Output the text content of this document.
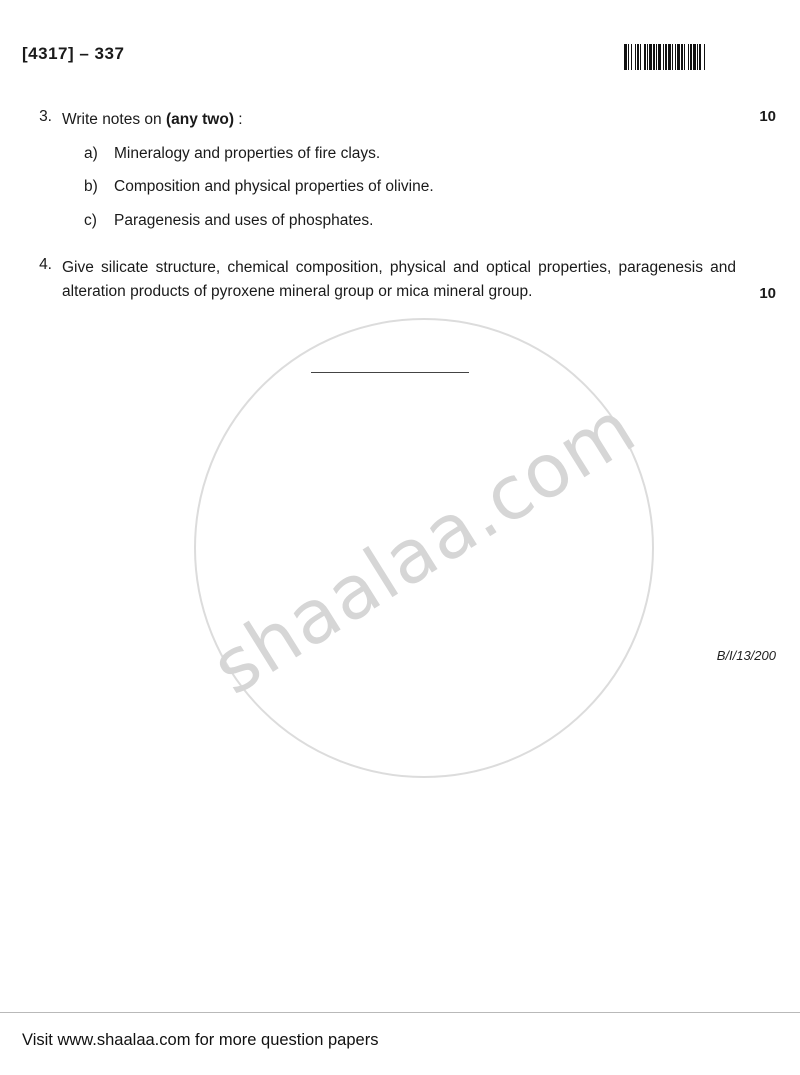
[4317] – 337
3.	10
Write notes on (any two) :
a) Mineralogy and properties of fire clays.
b) Composition and physical properties of olivine.
c) Paragenesis and uses of phosphates.
4.
10
Give silicate structure, chemical composition, physical and optical properties, paragenesis and alteration products of pyroxene mineral group or mica mineral group.
shaalaa.com	B/I/13/200
Visit www.shaalaa.com for more question papers
